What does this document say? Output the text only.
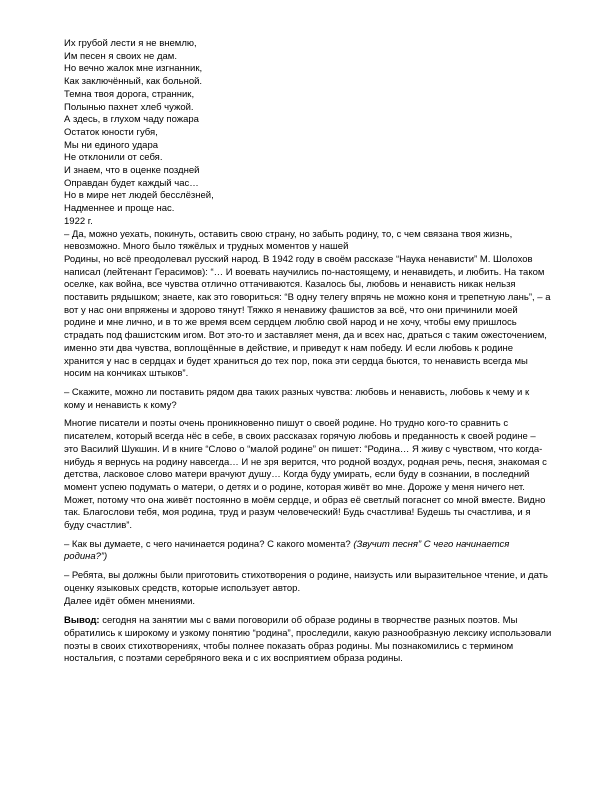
Их грубой лести я не внемлю,
Им песен я своих не дам.
Но вечно жалок мне изгнанник,
Как заключённый, как больной.
Темна твоя дорога, странник,
Полынью пахнет хлеб чужой.
А здесь, в глухом чаду пожара
Остаток юности губя,
Мы ни единого удара
Не отклонили от себя.
И знаем, что в оценке поздней
Оправдан будет каждый час…
Но в мире нет людей бесслёзней,
Надменнее и проще нас.
1922 г.

– Да, можно уехать, покинуть, оставить свою страну, но забыть родину, то, с чем связана твоя жизнь, невозможно. Много было тяжёлых и трудных моментов у нашей

Родины, но всё преодолевал русский народ. В 1942 году в своём рассказе “Наука ненависти” М. Шолохов написал (лейтенант Герасимов): “… И воевать научились по-настоящему, и ненавидеть, и любить. На таком оселке, как война, все чувства отлично оттачиваются. Казалось бы, любовь и ненависть никак нельзя поставить рядышком; знаете, как это говориться: “В одну телегу впрячь не можно коня и трепетную лань”, – а вот у нас они впряжены и здорово тянут! Тяжко я ненавижу фашистов за всё, что они причинили моей родине и мне лично, и в то же время всем сердцем люблю свой народ и не хочу, чтобы ему пришлось страдать под фашистским игом. Вот это-то и заставляет меня, да и всех нас, драться с таким ожесточением, именно эти два чувства, воплощённые в действие, и приведут к нам победу. И если любовь к родине хранится у нас в сердцах и будет храниться до тех пор, пока эти сердца бьются, то ненависть всегда мы носим на кончиках штыков”.

– Скажите, можно ли поставить рядом два таких разных чувства: любовь и ненависть, любовь к чему и к кому и ненависть к кому?

Многие писатели и поэты очень проникновенно пишут о своей родине. Но трудно кого-то сравнить с писателем, который всегда нёс в себе, в своих рассказах горячую любовь и преданность к своей родине – это Василий Шукшин. И в книге “Слово о “малой родине” он пишет: “Родина… Я живу с чувством, что когда-нибудь я вернусь на родину навсегда… И не зря верится, что родной воздух, родная речь, песня, знакомая с детства, ласковое слово матери врачуют душу… Когда буду умирать, если буду в сознании, в последний момент успею подумать о матери, о детях и о родине, которая живёт во мне. Дороже у меня ничего нет. Может, потому что она живёт постоянно в моём сердце, и образ её светлый погаснет со мной вместе. Видно так. Благослови тебя, моя родина, труд и разум человеческий! Будь счастлива! Будешь ты счастлива, и я буду счастлив”.

– Как вы думаете, с чего начинается родина? С какого момента? (Звучит песня” С чего начинается родина?”)

– Ребята, вы должны были приготовить стихотворения о родине, наизусть или выразительное чтение, и дать оценку языковых средств, которые использует автор.

Далее идёт обмен мнениями.

Вывод: сегодня на занятии мы с вами поговорили об образе родины в творчестве разных поэтов. Мы обратились к широкому и узкому понятию “родина”, проследили, какую разнообразную лексику использовали поэты в своих стихотворениях, чтобы полнее показать образ родины. Мы познакомились с термином ностальгия, с поэтами серебряного века и с их восприятием образа родины.
